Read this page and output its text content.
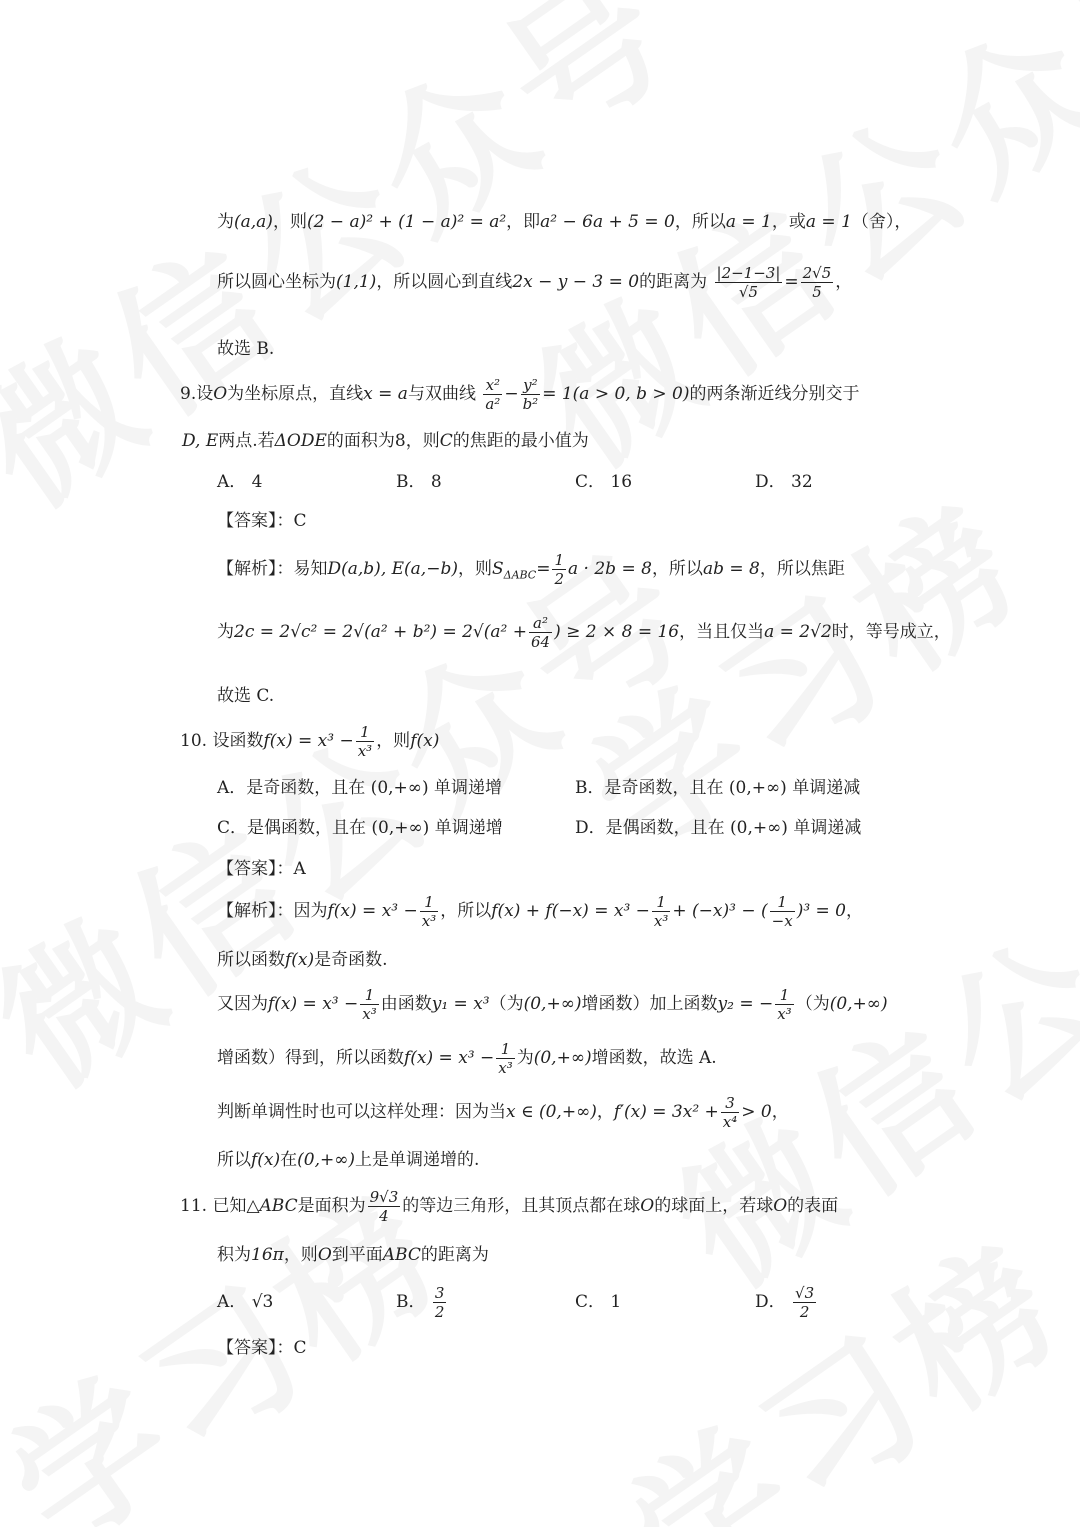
为(a,a)，则(2 − a)² + (1 − a)² = a²，即a² − 6a + 5 = 0，所以a = 1，或a = 1（舍），
所以圆心坐标为(1,1)，所以圆心到直线2x − y − 3 = 0的距离为 $\frac{|2-1-3|}{√5} = \frac{2√5}{5}$ ，
故选 B.
9.设O为坐标原点，直线x = a与双曲线 $\frac{\text{x²}}{\text{a²}} - \frac{\text{y²}}{\text{b²}} = 1(a > 0$, b > 0)的两条渐近线分别交于
D, E两点.若ΔODE的面积为8，则C的焦距的最小值为
A． 4	B． 8	C． 16	D． 32
【答案】：C
【解析】：易知D(a,b), E(a,−b)，则$S_{\Delta ABC}= \frac{1}{2}$ a · 2b = 8，所以ab = 8，所以焦距
为$2c = 2√c^2 = 2√(a^2 + b^2) = 2√(a^2 + \frac{\text{a²}}{64}$ ) ≥ 2 × 8 = 16，当且仅当a = 2√2时，等号成立，
故选 C.
10. 设函数$f(x) = x^3 - \frac{1}{\text{x³}}$ ，则f(x)
A．是奇函数，且在 (0,+∞) 单调递增	B．是奇函数，且在 (0,+∞) 单调递减
C．是偶函数，且在 (0,+∞) 单调递增	D．是偶函数，且在 (0,+∞) 单调递减
【答案】：A
【解析】：因为$f(x) = x^3 - \frac{1}{\text{x³}}$ ，所以$f(x) + f(-x) = x^3 - \frac{1}{\text{x³}} + (-x)^3$ − ( $\frac{1}{-x} )^3 = 0$，
所以函数f(x)是奇函数.
又因为$f(x) = x^3 - \frac{1}{\text{x³}}$ 由函数y₁ = x³（为(0,+∞)增函数）加上函数y₂ = − $\frac{1}{\text{x³}}$ （为(0,+∞)
增函数）得到，所以函数$f(x) = x^3 - \frac{1}{\text{x³}}$ 为(0,+∞)增函数，故选 A.
判断单调性时也可以这样处理：因为当x ∈ (0,+∞)，$f'(x) = 3x^2 + \frac{3}{\text{x⁴}} > 0$，
所以f(x)在(0,+∞)上是单调递增的.
11. 已知△ABC是面积为 $\frac{9√3}{4}$ 的等边三角形，且其顶点都在球O的球面上，若球O的表面
积为16π，则O到平面ABC的距离为
A． √3	B． $\frac{3}{2}$	C． 1	D． $\frac{√3}{2}$
【答案】：C
